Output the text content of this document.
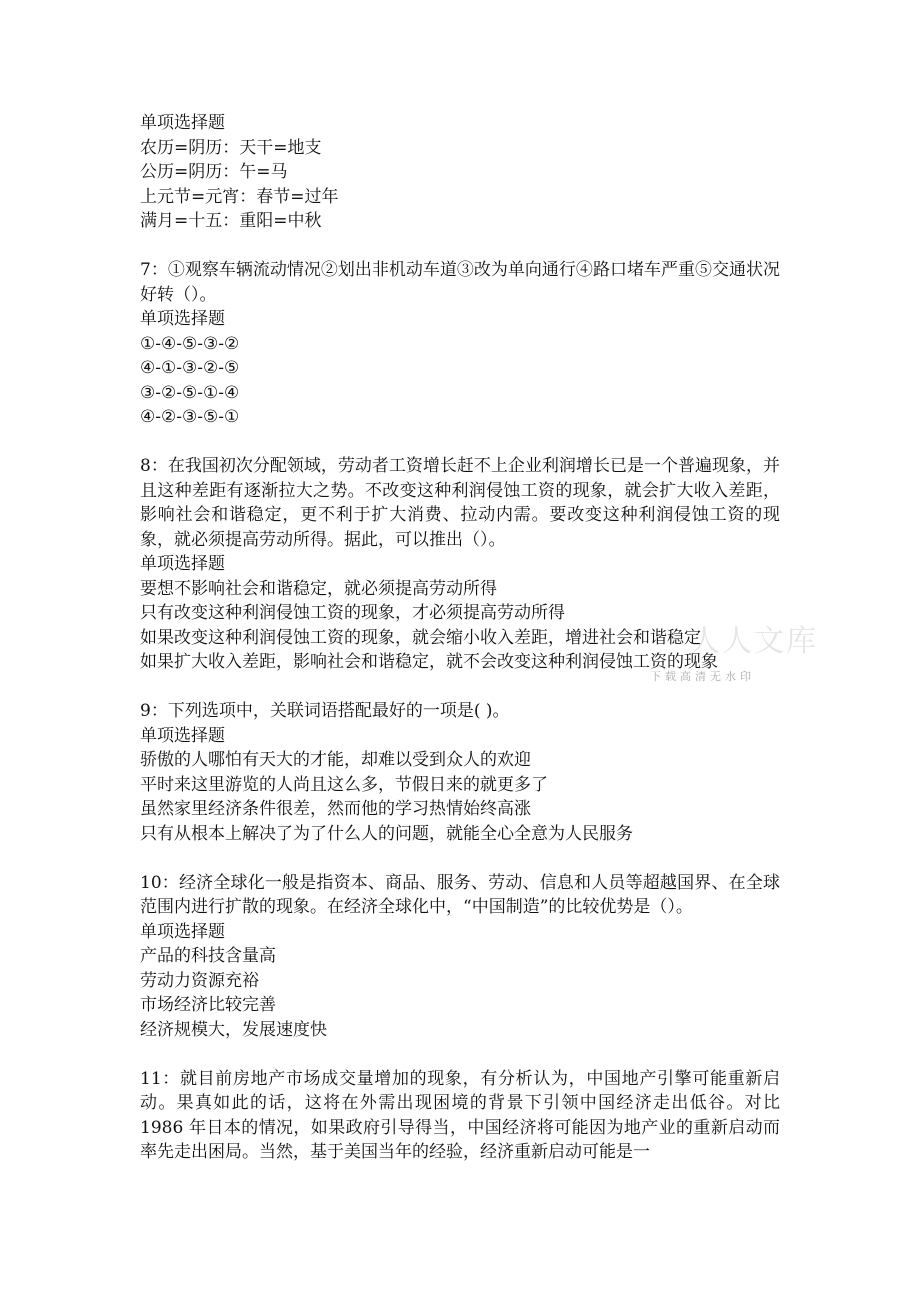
单项选择题
农历=阴历：天干=地支
公历=阴历：午=马
上元节=元宵：春节=过年
满月=十五：重阳=中秋
7：①观察车辆流动情况②划出非机动车道③改为单向通行④路口堵车严重⑤交通状况好转（）。
单项选择题
①-④-⑤-③-②
④-①-③-②-⑤
③-②-⑤-①-④
④-②-③-⑤-①
8：在我国初次分配领域，劳动者工资增长赶不上企业利润增长已是一个普遍现象，并且这种差距有逐渐拉大之势。不改变这种利润侵蚀工资的现象，就会扩大收入差距，影响社会和谐稳定，更不利于扩大消费、拉动内需。要改变这种利润侵蚀工资的现象，就必须提高劳动所得。据此，可以推出（）。
单项选择题
要想不影响社会和谐稳定，就必须提高劳动所得
只有改变这种利润侵蚀工资的现象，才必须提高劳动所得
如果改变这种利润侵蚀工资的现象，就会缩小收入差距，增进社会和谐稳定
如果扩大收入差距，影响社会和谐稳定，就不会改变这种利润侵蚀工资的现象
9：下列选项中，关联词语搭配最好的一项是( )。
单项选择题
骄傲的人哪怕有天大的才能，却难以受到众人的欢迎
平时来这里游览的人尚且这么多，节假日来的就更多了
虽然家里经济条件很差，然而他的学习热情始终高涨
只有从根本上解决了为了什么人的问题，就能全心全意为人民服务
10：经济全球化一般是指资本、商品、服务、劳动、信息和人员等超越国界、在全球范围内进行扩散的现象。在经济全球化中，“中国制造”的比较优势是（）。
单项选择题
产品的科技含量高
劳动力资源充裕
市场经济比较完善
经济规模大，发展速度快
11：就目前房地产市场成交量增加的现象，有分析认为，中国地产引擎可能重新启动。果真如此的话，这将在外需出现困境的背景下引领中国经济走出低谷。对比 1986 年日本的情况，如果政府引导得当，中国经济将可能因为地产业的重新启动而率先走出困局。当然，基于美国当年的经验，经济重新启动可能是一
人人文库
下载高清无水印
